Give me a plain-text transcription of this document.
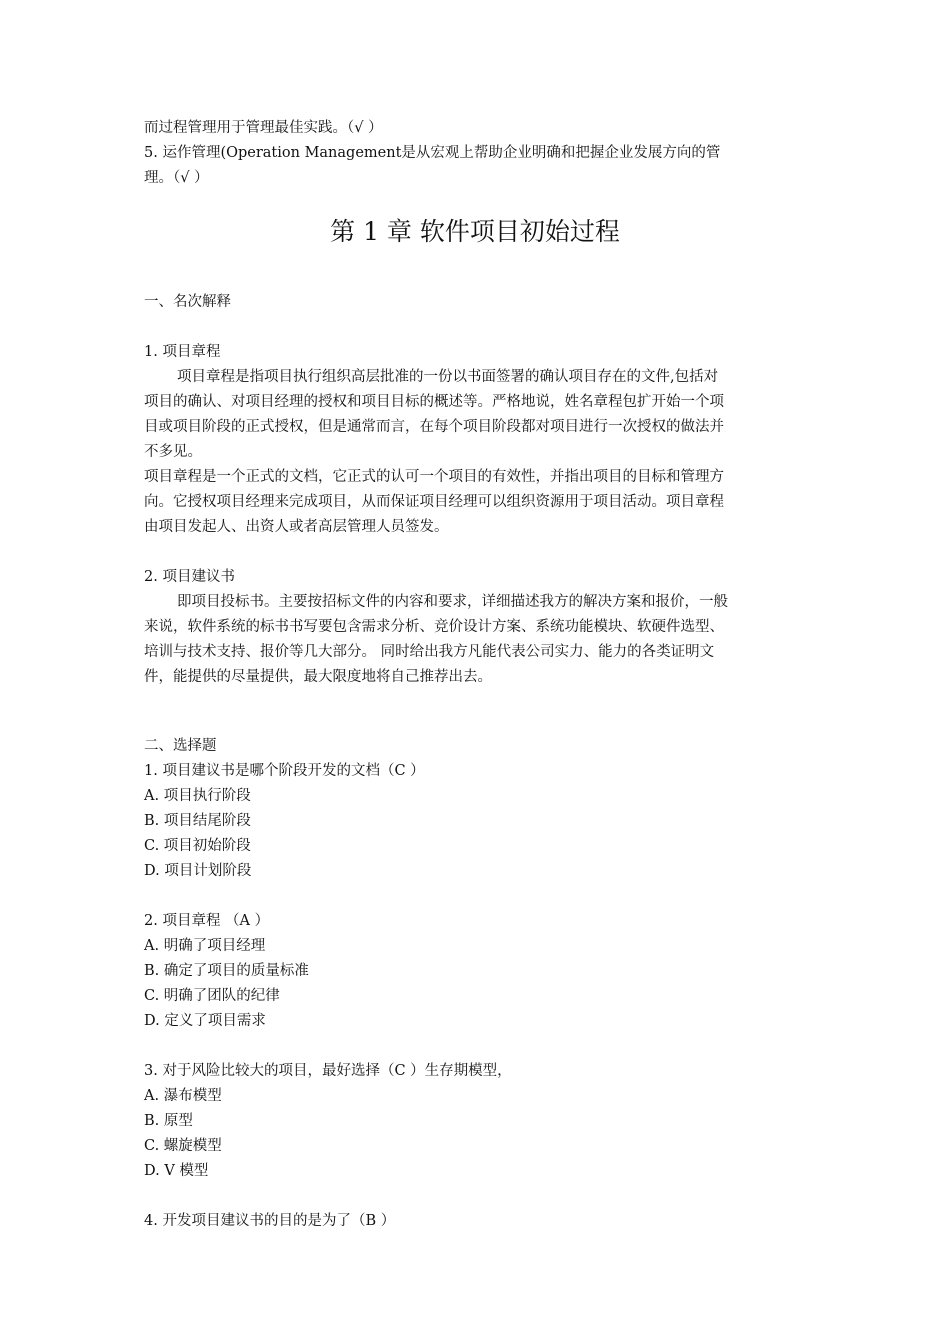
而过程管理用于管理最佳实践。（√ ）
5. 运作管理(Operation Management是从宏观上帮助企业明确和把握企业发展方向的管
理。（√ ）
第 1 章 软件项目初始过程
一、名次解释
1. 项目章程
项目章程是指项目执行组织高层批准的一份以书面签署的确认项目存在的文件,包括对
项目的确认、对项目经理的授权和项目目标的概述等。严格地说，姓名章程包扩开始一个项
目或项目阶段的正式授权，但是通常而言，在每个项目阶段都对项目进行一次授权的做法并
不多见。
项目章程是一个正式的文档，它正式的认可一个项目的有效性，并指出项目的目标和管理方
向。它授权项目经理来完成项目，从而保证项目经理可以组织资源用于项目活动。项目章程
由项目发起人、出资人或者高层管理人员签发。
2. 项目建议书
即项目投标书。主要按招标文件的内容和要求，详细描述我方的解决方案和报价，一般
来说，软件系统的标书书写要包含需求分析、竞价设计方案、系统功能模块、软硬件选型、
培训与技术支持、报价等几大部分。 同时给出我方凡能代表公司实力、能力的各类证明文
件，能提供的尽量提供，最大限度地将自己推荐出去。
二、选择题
1. 项目建议书是哪个阶段开发的文档（C ）
A. 项目执行阶段
B. 项目结尾阶段
C. 项目初始阶段
D. 项目计划阶段
2. 项目章程 （A ）
A. 明确了项目经理
B. 确定了项目的质量标准
C. 明确了团队的纪律
D. 定义了项目需求
3. 对于风险比较大的项目，最好选择（C ）生存期模型，
A. 瀑布模型
B. 原型
C. 螺旋模型
D. V 模型
4. 开发项目建议书的目的是为了（B ）
